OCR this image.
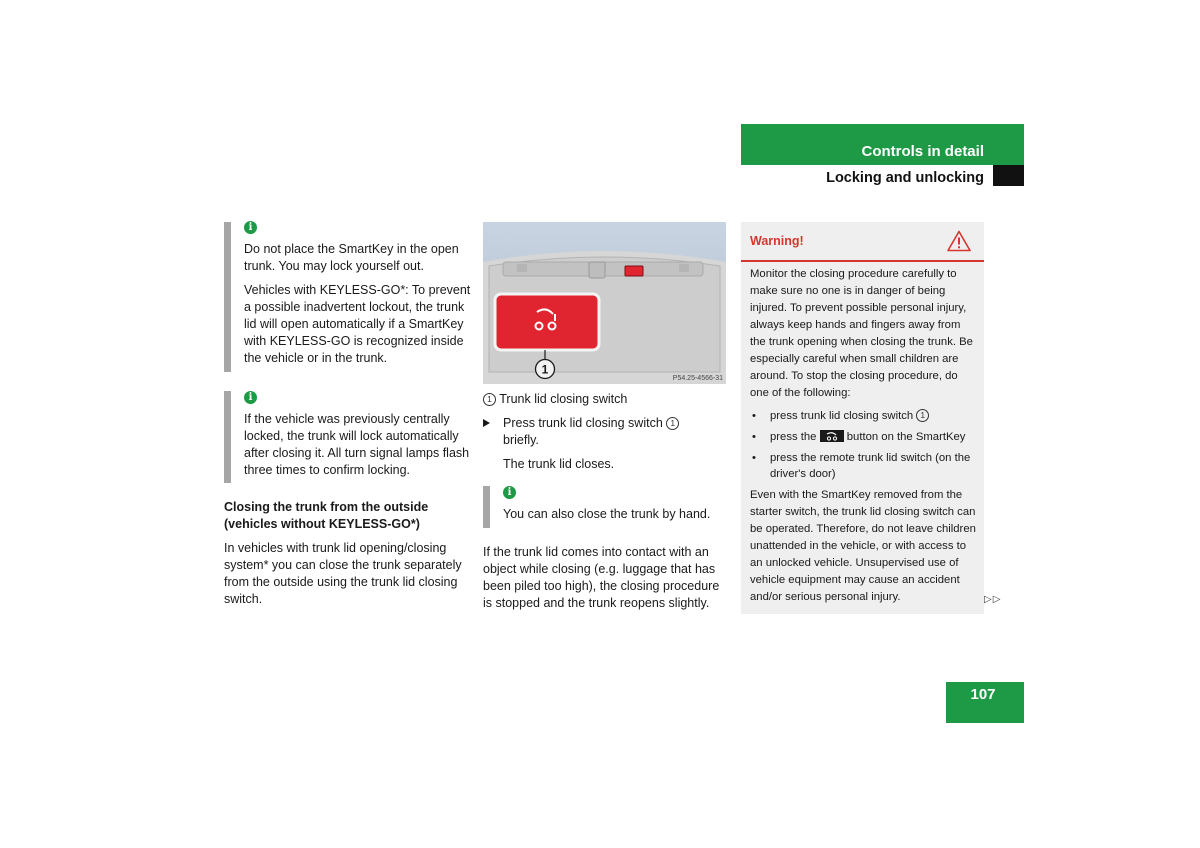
Controls in detail
Locking and unlocking
i

Do not place the SmartKey in the open trunk. You may lock yourself out.

Vehicles with KEYLESS-GO*: To prevent a possible inadvertent lockout, the trunk lid will open automatically if a SmartKey with KEYLESS-GO is recognized inside the vehicle or in the trunk.

i

If the vehicle was previously centrally locked, the trunk will lock automatically after closing it. All turn signal lamps flash three times to confirm locking.

Closing the trunk from the outside (vehicles without KEYLESS-GO*)

In vehicles with trunk lid opening/closing system* you can close the trunk separately from the outside using the trunk lid closing switch.

1
P54.25-4566-31

1 Trunk lid closing switch

Press trunk lid closing switch 1
briefly.

The trunk lid closes.

i

You can also close the trunk by hand.

If the trunk lid comes into contact with an object while closing (e.g. luggage that has been piled too high), the closing procedure is stopped and the trunk reopens slightly.

Warning!

Monitor the closing procedure carefully to make sure no one is in danger of being injured. To prevent possible personal injury, always keep hands and fingers away from the trunk opening when closing the trunk. Be especially careful when small children are around. To stop the closing procedure, do one of the following:

• press trunk lid closing switch 1
• press the	button on the SmartKey
• press the remote trunk lid switch (on the driver's door)

Even with the SmartKey removed from the starter switch, the trunk lid closing switch can be operated. Therefore, do not leave children unattended in the vehicle, or with access to an unlocked vehicle. Unsupervised use of vehicle equipment may cause an accident and/or serious personal injury.	▷▷
107
